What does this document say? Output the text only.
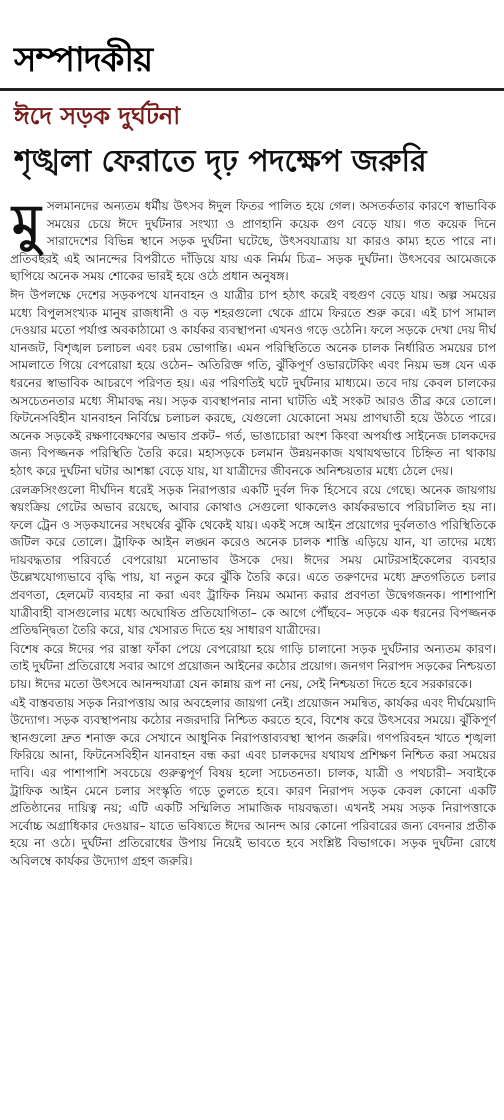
সম্পাদকীয়
ঈদে সড়ক দুর্ঘটনা
শৃঙ্খলা ফেরাতে দৃঢ় পদক্ষেপ জরুরি

মুসলমানদের অন্যতম ধর্মীয় উৎসব ঈদুল ফিতর পালিত হয়ে গেল। অসতর্কতার কারণে স্বাভাবিক সময়ের চেয়ে ঈদে দুর্ঘটনার সংখ্যা ও প্রাণহানি কয়েক গুণ বেড়ে যায়। গত কয়েক দিনে সারাদেশের বিভিন্ন স্থানে সড়ক দুর্ঘটনা ঘটেছে, উৎসবযাত্রায় যা কারও কাম্য হতে পারে না। প্রতিবছরই এই আনন্দের বিপরীতে দাঁড়িয়ে যায় এক নির্মম চিত্র– সড়ক দুর্ঘটনা। উৎসবের আমেজকে ছাপিয়ে অনেক সময় শোকের ভারই হয়ে ওঠে প্রধান অনুষঙ্গ।

ঈদ উপলক্ষে দেশের সড়কপথে যানবাহন ও যাত্রীর চাপ হঠাৎ করেই বহুগুণ বেড়ে যায়। অল্প সময়ের মধ্যে বিপুলসংখ্যক মানুষ রাজধানী ও বড় শহরগুলো থেকে গ্রামে ফিরতে শুরু করে। এই চাপ সামাল দেওয়ার মতো পর্যাপ্ত অবকাঠামো ও কার্যকর ব্যবস্থাপনা এখনও গড়ে ওঠেনি। ফলে সড়কে দেখা দেয় দীর্ঘ যানজট, বিশৃঙ্খল চলাচল এবং চরম ভোগান্তি। এমন পরিস্থিতিতে অনেক চালক নির্ধারিত সময়ের চাপ সামলাতে গিয়ে বেপরোয়া হয়ে ওঠেন– অতিরিক্ত গতি, ঝুঁকিপূর্ণ ওভারটেকিং এবং নিয়ম ভঙ্গ যেন এক ধরনের স্বাভাবিক আচরণে পরিণত হয়। এর পরিণতিই ঘটে দুর্ঘটনার মাধ্যমে। তবে দায় কেবল চালকের অসচেতনতার মধ্যে সীমাবদ্ধ নয়। সড়ক ব্যবস্থাপনার নানা ঘাটতি এই সংকট আরও তীব্র করে তোলে। ফিটনেসবিহীন যানবাহন নির্বিঘ্নে চলাচল করছে, যেগুলো যেকোনো সময় প্রাণঘাতী হয়ে উঠতে পারে। অনেক সড়কেই রক্ষণাবেক্ষণের অভাব প্রকট– গর্ত, ভাঙাচোরা অংশ কিংবা অপর্যাপ্ত সাইনেজ চালকদের জন্য বিপজ্জনক পরিস্থিতি তৈরি করে। মহাসড়কে চলমান উন্নয়নকাজ যথাযথভাবে চিহ্নিত না থাকায় হঠাৎ করে দুর্ঘটনা ঘটার আশঙ্কা বেড়ে যায়, যা যাত্রীদের জীবনকে অনিশ্চয়তার মধ্যে ঠেলে দেয়।

রেলক্রসিংগুলো দীর্ঘদিন ধরেই সড়ক নিরাপত্তার একটি দুর্বল দিক হিসেবে রয়ে গেছে। অনেক জায়গায় স্বয়ংক্রিয় গেটের অভাব রয়েছে, আবার কোথাও সেগুলো থাকলেও কার্যকরভাবে পরিচালিত হয় না। ফলে ট্রেন ও সড়কযানের সংঘর্ষের ঝুঁকি থেকেই যায়। একই সঙ্গে আইন প্রয়োগের দুর্বলতাও পরিস্থিতিকে জটিল করে তোলে। ট্রাফিক আইন লঙ্ঘন করেও অনেক চালক শাস্তি এড়িয়ে যান, যা তাদের মধ্যে দায়বদ্ধতার পরিবর্তে বেপরোয়া মনোভাব উসকে দেয়। ঈদের সময় মোটরসাইকেলের ব্যবহার উল্লেখযোগ্যভাবে বৃদ্ধি পায়, যা নতুন করে ঝুঁকি তৈরি করে। এতে তরুণদের মধ্যে দ্রুতগতিতে চলার প্রবণতা, হেলমেট ব্যবহার না করা এবং ট্রাফিক নিয়ম অমান্য করার প্রবণতা উদ্বেগজনক। পাশাপাশি যাত্রীবাহী বাসগুলোর মধ্যে অঘোষিত প্রতিযোগিতা– কে আগে পৌঁছবে– সড়কে এক ধরনের বিপজ্জনক প্রতিদ্বন্দ্বিতা তৈরি করে, যার খেসারত দিতে হয় সাধারণ যাত্রীদের।

বিশেষ করে ঈদের পর রাস্তা ফাঁকা পেয়ে বেপরোয়া হয়ে গাড়ি চালানো সড়ক দুর্ঘটনার অন্যতম কারণ। তাই দুর্ঘটনা প্রতিরোধে সবার আগে প্রয়োজন আইনের কঠোর প্রয়োগ। জনগণ নিরাপদ সড়কের নিশ্চয়তা চায়। ঈদের মতো উৎসবে আনন্দযাত্রা যেন কান্নায় রূপ না নেয়, সেই নিশ্চয়তা দিতে হবে সরকারকে।

এই বাস্তবতায় সড়ক নিরাপত্তায় আর অবহেলার জায়গা নেই। প্রয়োজন সমন্বিত, কার্যকর এবং দীর্ঘমেয়াদি উদ্যোগ। সড়ক ব্যবস্থাপনায় কঠোর নজরদারি নিশ্চিত করতে হবে, বিশেষ করে উৎসবের সময়ে। ঝুঁকিপূর্ণ স্থানগুলো দ্রুত শনাক্ত করে সেখানে আধুনিক নিরাপত্তাব্যবস্থা স্থাপন জরুরি। গণপরিবহন খাতে শৃঙ্খলা ফিরিয়ে আনা, ফিটনেসবিহীন যানবাহন বন্ধ করা এবং চালকদের যথাযথ প্রশিক্ষণ নিশ্চিত করা সময়ের দাবি। এর পাশাপাশি সবচেয়ে গুরুত্বপূর্ণ বিষয় হলো সচেতনতা। চালক, যাত্রী ও পথচারী– সবাইকে ট্রাফিক আইন মেনে চলার সংস্কৃতি গড়ে তুলতে হবে। কারণ নিরাপদ সড়ক কেবল কোনো একটি প্রতিষ্ঠানের দায়িত্ব নয়; এটি একটি সম্মিলিত সামাজিক দায়বদ্ধতা। এখনই সময় সড়ক নিরাপত্তাকে সর্বোচ্চ অগ্রাধিকার দেওয়ার– যাতে ভবিষ্যতে ঈদের আনন্দ আর কোনো পরিবারের জন্য বেদনার প্রতীক হয়ে না ওঠে। দুর্ঘটনা প্রতিরোধের উপায় নিয়েই ভাবতে হবে সংশ্লিষ্ট বিভাগকে। সড়ক দুর্ঘটনা রোধে অবিলম্বে কার্যকর উদ্যোগ গ্রহণ জরুরি।
